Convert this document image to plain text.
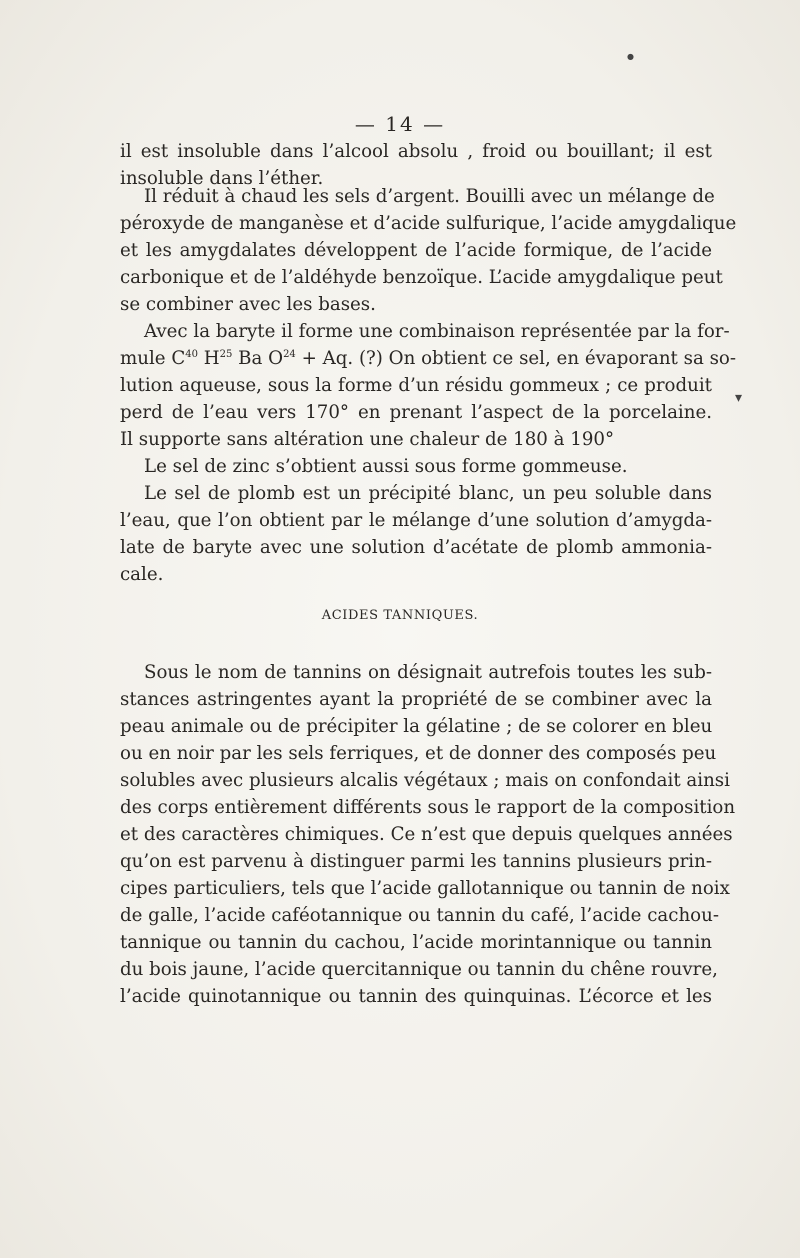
— 14 —
il est insoluble dans l’alcool absolu , froid ou bouillant; il est
insoluble dans l’éther.
Il réduit à chaud les sels d’argent. Bouilli avec un mélange de
péroxyde de manganèse et d’acide sulfurique, l’acide amygdalique
et les amygdalates développent de l’acide formique, de l’acide
carbonique et de l’aldéhyde benzoïque. L’acide amygdalique peut
se combiner avec les bases.
Avec la baryte il forme une combinaison représentée par la for-
mule $C^{40}$ $H^{25}$ Ba $O^{24} + Aq$. (?) On obtient ce sel, en évaporant sa so-
lution aqueuse, sous la forme d’un résidu gommeux ; ce produit
perd de l’eau vers 170° en prenant l’aspect de la porcelaine.
Il supporte sans altération une chaleur de 180 à 190°
Le sel de zinc s’obtient aussi sous forme gommeuse.
Le sel de plomb est un précipité blanc, un peu soluble dans
l’eau, que l’on obtient par le mélange d’une solution d’amygda-
late de baryte avec une solution d’acétate de plomb ammonia-
cale.
ACIDES TANNIQUES.
Sous le nom de tannins on désignait autrefois toutes les sub-
stances astringentes ayant la propriété de se combiner avec la
peau animale ou de précipiter la gélatine ; de se colorer en bleu
ou en noir par les sels ferriques, et de donner des composés peu
solubles avec plusieurs alcalis végétaux ; mais on confondait ainsi
des corps entièrement différents sous le rapport de la composition
et des caractères chimiques. Ce n’est que depuis quelques années
qu’on est parvenu à distinguer parmi les tannins plusieurs prin-
cipes particuliers, tels que l’acide gallotannique ou tannin de noix
de galle, l’acide caféotannique ou tannin du café, l’acide cachou-
tannique ou tannin du cachou, l’acide morintannique ou tannin
du bois jaune, l’acide quercitannique ou tannin du chêne rouvre,
l’acide quinotannique ou tannin des quinquinas. L’écorce et les
▾
●
